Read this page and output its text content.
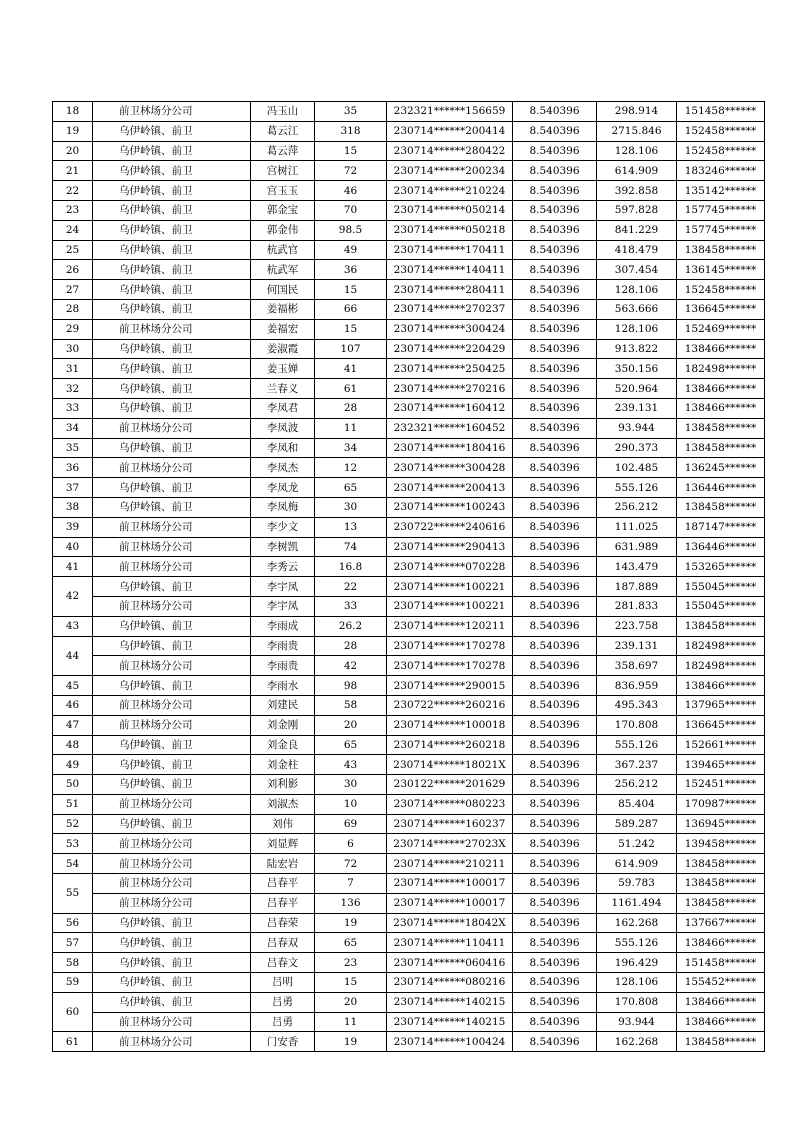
18	前卫林场分公司	冯玉山	35	232321******156659	8.540396	298.914	151458******
19	乌伊岭镇、前卫	葛云江	318	230714******200414	8.540396	2715.846	152458******
20	乌伊岭镇、前卫	葛云萍	15	230714******280422	8.540396	128.106	152458******
21	乌伊岭镇、前卫	宫树江	72	230714******200234	8.540396	614.909	183246******
22	乌伊岭镇、前卫	宫玉玉	46	230714******210224	8.540396	392.858	135142******
23	乌伊岭镇、前卫	郭金宝	70	230714******050214	8.540396	597.828	157745******
24	乌伊岭镇、前卫	郭金伟	98.5	230714******050218	8.540396	841.229	157745******
25	乌伊岭镇、前卫	杭武官	49	230714******170411	8.540396	418.479	138458******
26	乌伊岭镇、前卫	杭武军	36	230714******140411	8.540396	307.454	136145******
27	乌伊岭镇、前卫	何国民	15	230714******280411	8.540396	128.106	152458******
28	乌伊岭镇、前卫	姜福彬	66	230714******270237	8.540396	563.666	136645******
29	前卫林场分公司	姜福宏	15	230714******300424	8.540396	128.106	152469******
30	乌伊岭镇、前卫	姜淑霞	107	230714******220429	8.540396	913.822	138466******
31	乌伊岭镇、前卫	姜玉婵	41	230714******250425	8.540396	350.156	182498******
32	乌伊岭镇、前卫	兰春义	61	230714******270216	8.540396	520.964	138466******
33	乌伊岭镇、前卫	李凤君	28	230714******160412	8.540396	239.131	138466******
34	前卫林场分公司	李凤波	11	232321******160452	8.540396	93.944	138458******
35	乌伊岭镇、前卫	李凤和	34	230714******180416	8.540396	290.373	138458******
36	前卫林场分公司	李凤杰	12	230714******300428	8.540396	102.485	136245******
37	乌伊岭镇、前卫	李凤龙	65	230714******200413	8.540396	555.126	136446******
38	乌伊岭镇、前卫	李凤梅	30	230714******100243	8.540396	256.212	138458******
39	前卫林场分公司	李少文	13	230722******240616	8.540396	111.025	187147******
40	前卫林场分公司	李树凯	74	230714******290413	8.540396	631.989	136446******
41	前卫林场分公司	李秀云	16.8	230714******070228	8.540396	143.479	153265******
42	乌伊岭镇、前卫	李宇凤	22	230714******100221	8.540396	187.889	155045******
	前卫林场分公司	李宇凤	33	230714******100221	8.540396	281.833	155045******
43	乌伊岭镇、前卫	李雨成	26.2	230714******120211	8.540396	223.758	138458******
44	乌伊岭镇、前卫	李雨贵	28	230714******170278	8.540396	239.131	182498******
	前卫林场分公司	李雨贵	42	230714******170278	8.540396	358.697	182498******
45	乌伊岭镇、前卫	李雨水	98	230714******290015	8.540396	836.959	138466******
46	前卫林场分公司	刘建民	58	230722******260216	8.540396	495.343	137965******
47	前卫林场分公司	刘金刚	20	230714******100018	8.540396	170.808	136645******
48	乌伊岭镇、前卫	刘金良	65	230714******260218	8.540396	555.126	152661******
49	乌伊岭镇、前卫	刘金柱	43	230714******18021X	8.540396	367.237	139465******
50	乌伊岭镇、前卫	刘利影	30	230122******201629	8.540396	256.212	152451******
51	前卫林场分公司	刘淑杰	10	230714******080223	8.540396	85.404	170987******
52	乌伊岭镇、前卫	刘伟	69	230714******160237	8.540396	589.287	136945******
53	前卫林场分公司	刘显辉	6	230714******27023X	8.540396	51.242	139458******
54	前卫林场分公司	陆宏岩	72	230714******210211	8.540396	614.909	138458******
55	前卫林场分公司	吕春平	7	230714******100017	8.540396	59.783	138458******
	前卫林场分公司	吕春平	136	230714******100017	8.540396	1161.494	138458******
56	乌伊岭镇、前卫	吕春荣	19	230714******18042X	8.540396	162.268	137667******
57	乌伊岭镇、前卫	吕春双	65	230714******110411	8.540396	555.126	138466******
58	乌伊岭镇、前卫	吕春文	23	230714******060416	8.540396	196.429	151458******
59	乌伊岭镇、前卫	吕明	15	230714******080216	8.540396	128.106	155452******
60	乌伊岭镇、前卫	吕勇	20	230714******140215	8.540396	170.808	138466******
	前卫林场分公司	吕勇	11	230714******140215	8.540396	93.944	138466******
61	前卫林场分公司	门安香	19	230714******100424	8.540396	162.268	138458******
